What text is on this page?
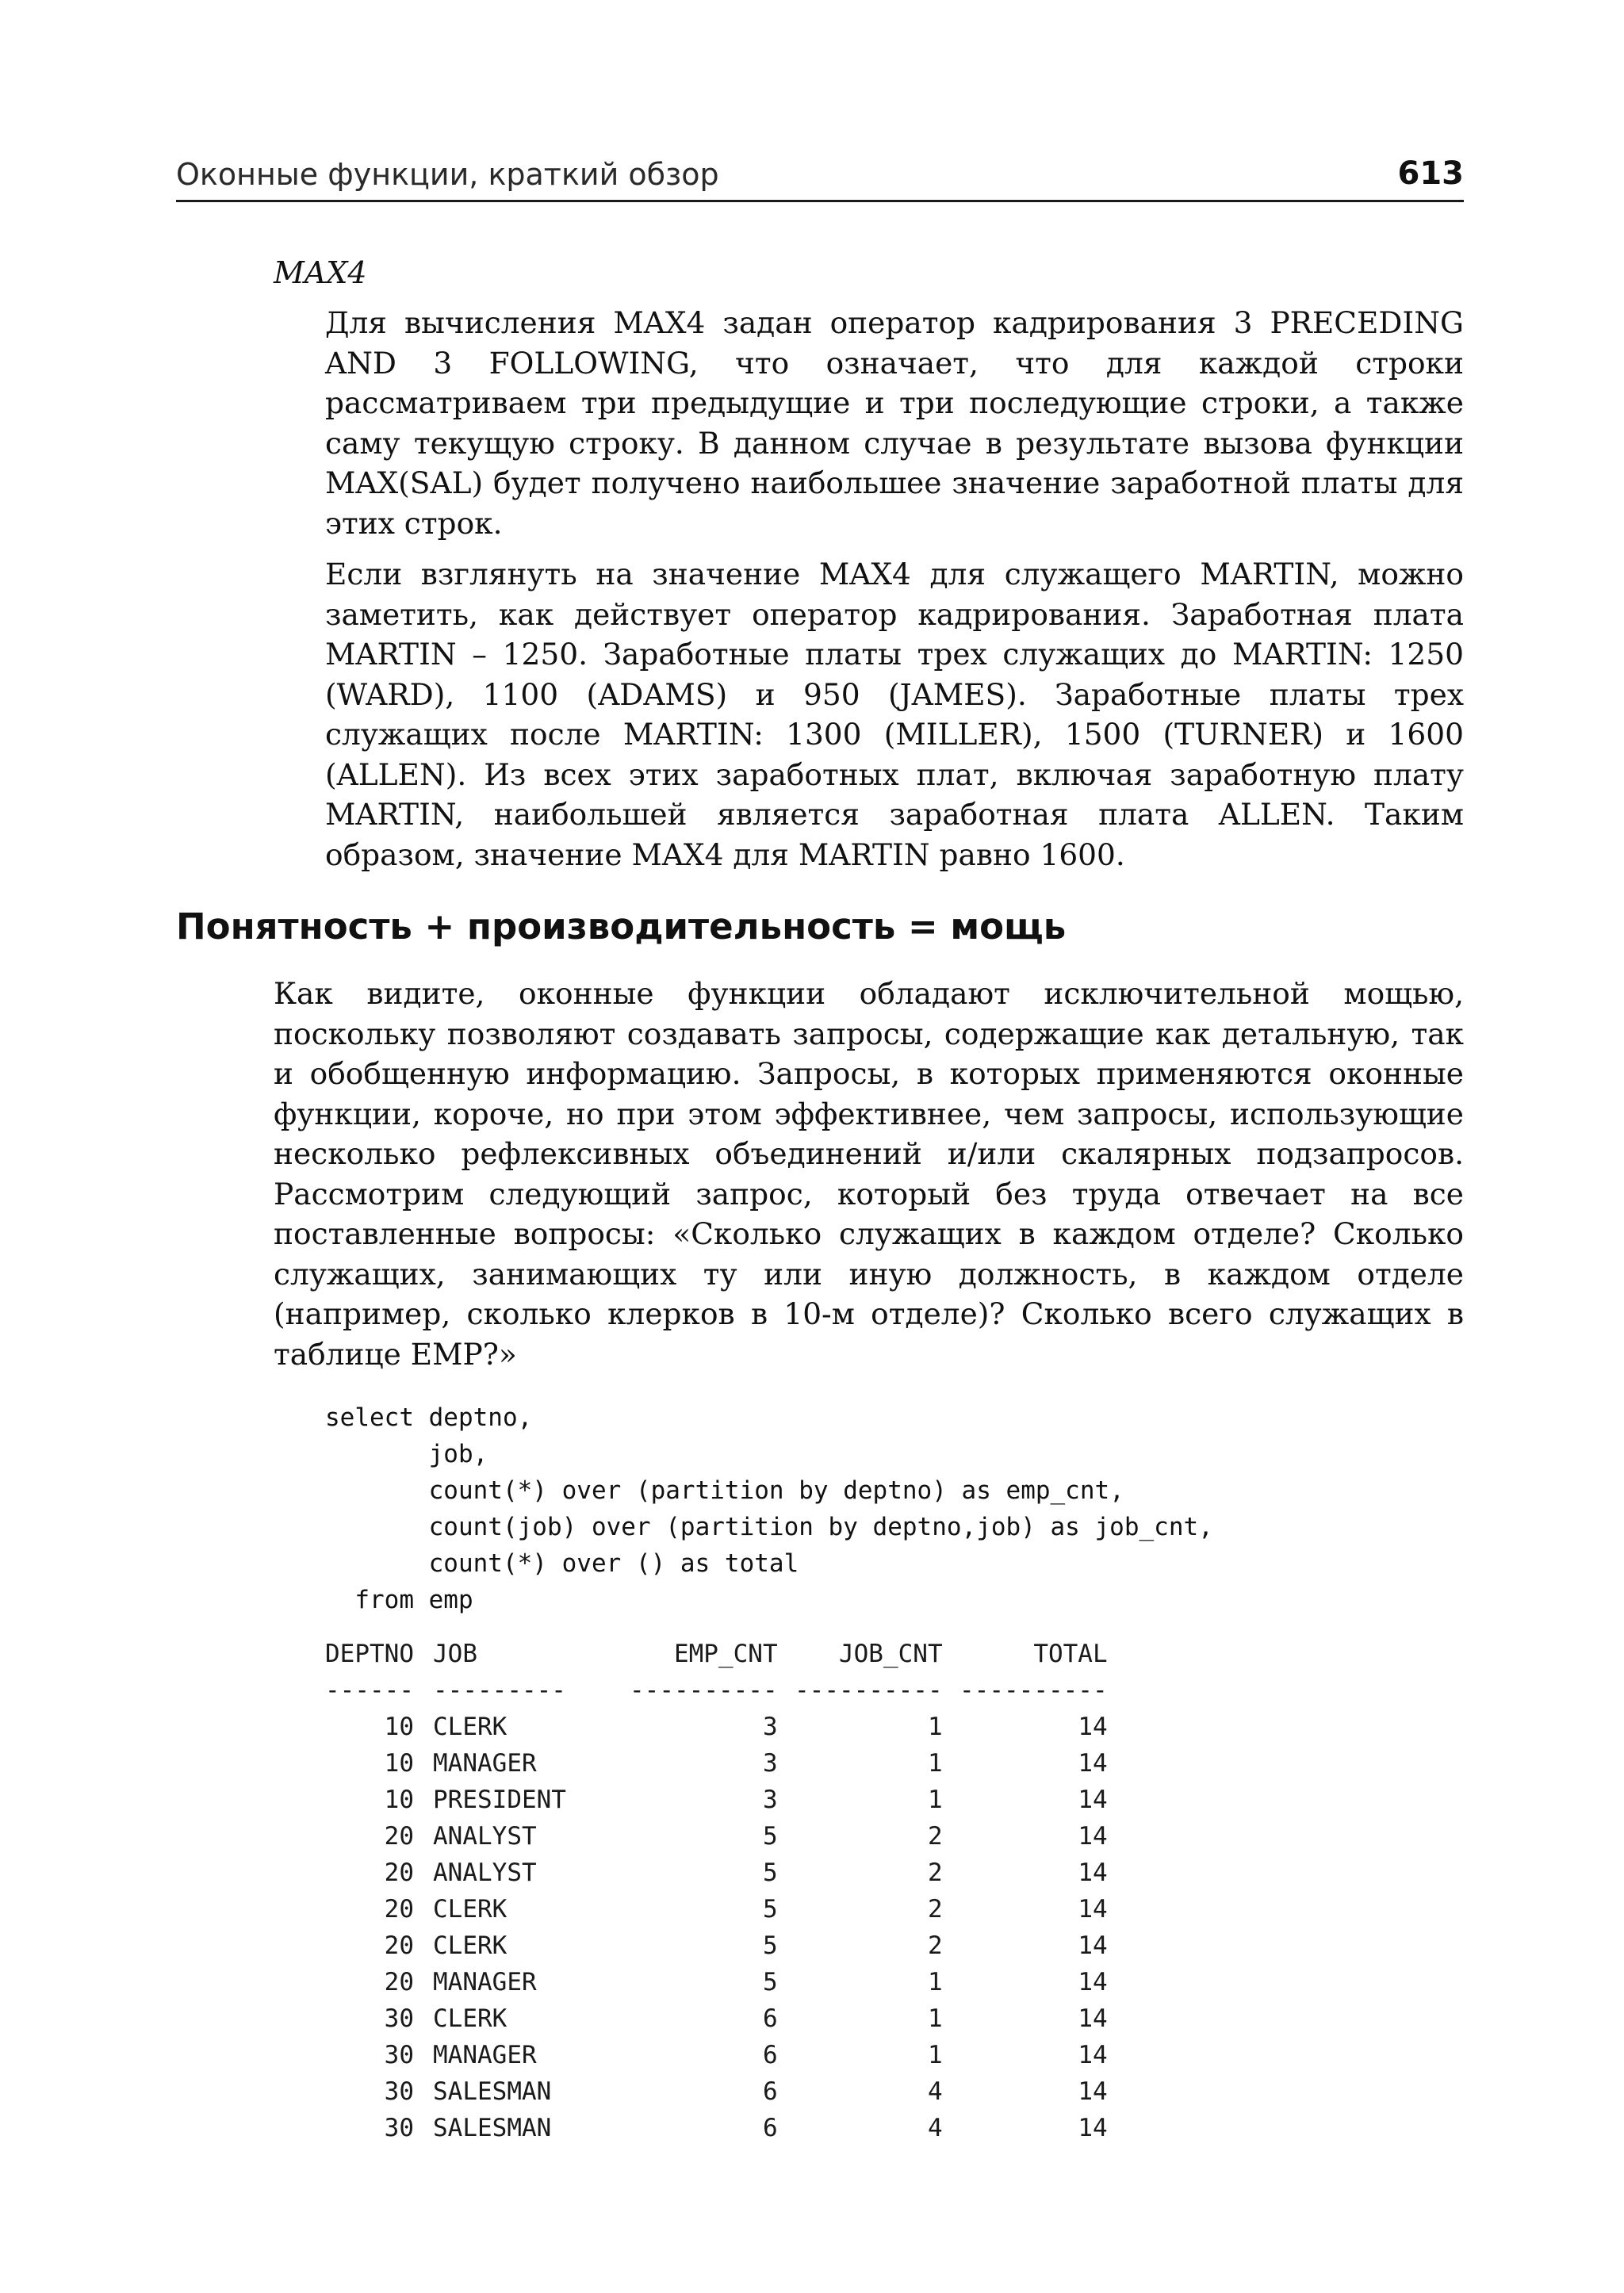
Оконные функции, краткий обзор	613
MAX4

Для вычисления MAX4 задан оператор кадрирования 3 PRECEDING AND 3 FOLLOWING, что означает, что для каждой строки рассматриваем три предыдущие и три последующие строки, а также саму текущую строку. В данном случае в результате вызова функции MAX(SAL) будет получено наибольшее значение заработной платы для этих строк.

Если взглянуть на значение MAX4 для служащего MARTIN, можно заметить, как действует оператор кадрирования. Заработная плата MARTIN – 1250. Заработные платы трех служащих до MARTIN: 1250 (WARD), 1100 (ADAMS) и 950 (JAMES). Заработные платы трех служащих после MARTIN: 1300 (MILLER), 1500 (TURNER) и 1600 (ALLEN). Из всех этих заработных плат, включая заработную плату MARTIN, наибольшей является заработная плата ALLEN. Таким образом, значение MAX4 для MARTIN равно 1600.

Понятность + производительность = мощь

Как видите, оконные функции обладают исключительной мощью, поскольку позволяют создавать запросы, содержащие как детальную, так и обобщенную информацию. Запросы, в которых применяются оконные функции, короче, но при этом эффективнее, чем запросы, использующие несколько рефлексивных объединений и/или скалярных подзапросов. Рассмотрим следующий запрос, который без труда отвечает на все поставленные вопросы: «Сколько служащих в каждом отделе? Сколько служащих, занимающих ту или иную должность, в каждом отделе (например, сколько клерков в 10-м отделе)? Сколько всего служащих в таблице EMP?»

select deptno,
job,
count(*) over (partition by deptno) as emp_cnt,
count(job) over (partition by deptno,job) as job_cnt,
count(*) over () as total
from emp
DEPTNO		JOB	EMP_CNT	JOB_CNT	TOTAL
------		---------	----------	----------	----------
10		CLERK	3	1	14
10		MANAGER	3	1	14
10		PRESIDENT	3	1	14
20		ANALYST	5	2	14
20		ANALYST	5	2	14
20		CLERK	5	2	14
20		CLERK	5	2	14
20		MANAGER	5	1	14
30		CLERK	6	1	14
30		MANAGER	6	1	14
30		SALESMAN	6	4	14
30		SALESMAN	6	4	14
